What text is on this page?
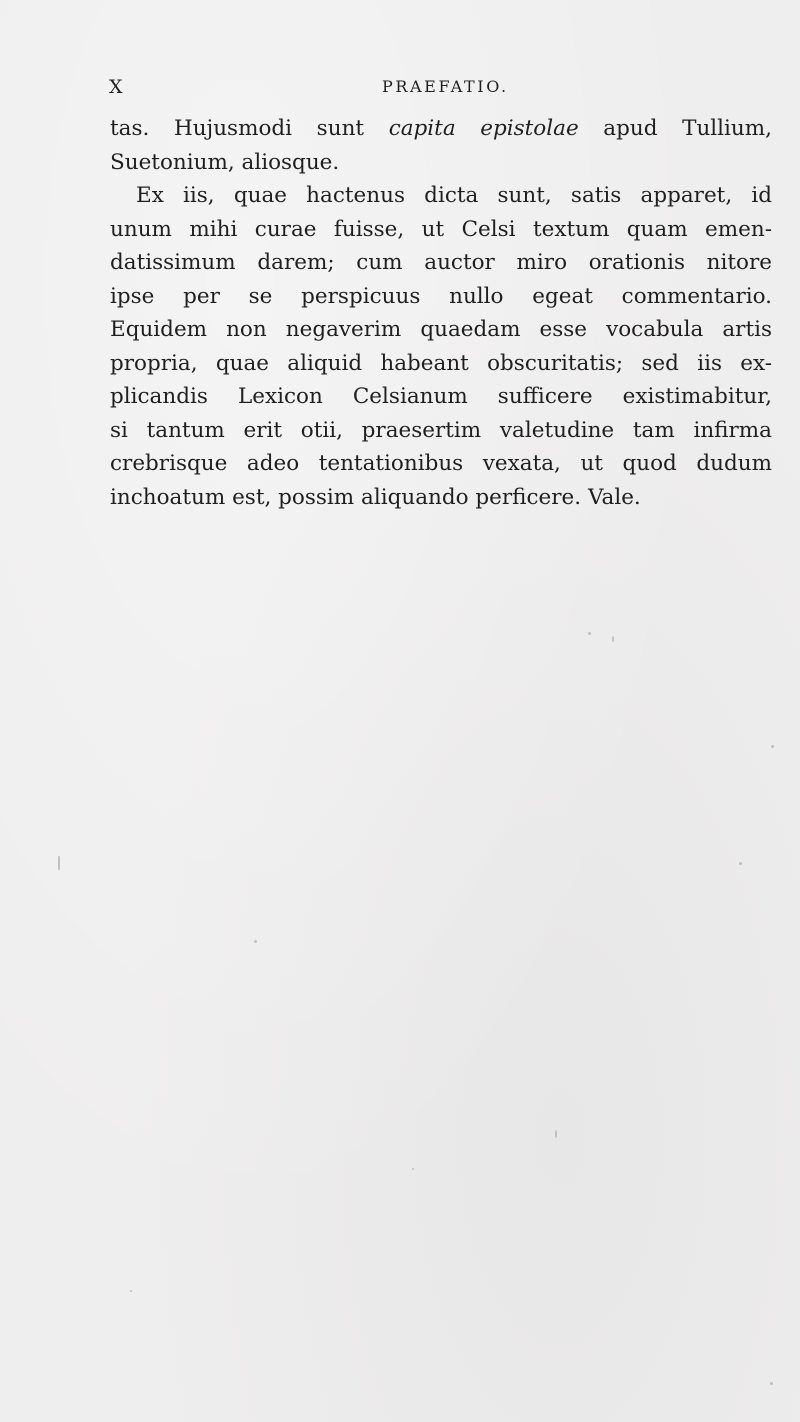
X	PRAEFATIO.
tas. Hujusmodi sunt capita epistolae apud Tullium,
Suetonium, aliosque.
Ex iis, quae hactenus dicta sunt, satis apparet, id
unum mihi curae fuisse, ut Celsi textum quam emen-
datissimum darem; cum auctor miro orationis nitore
ipse per se perspicuus nullo egeat commentario.
Equidem non negaverim quaedam esse vocabula artis
propria, quae aliquid habeant obscuritatis; sed iis ex-
plicandis Lexicon Celsianum sufficere existimabitur,
si tantum erit otii, praesertim valetudine tam infirma
crebrisque adeo tentationibus vexata, ut quod dudum
inchoatum est, possim aliquando perficere. Vale.
